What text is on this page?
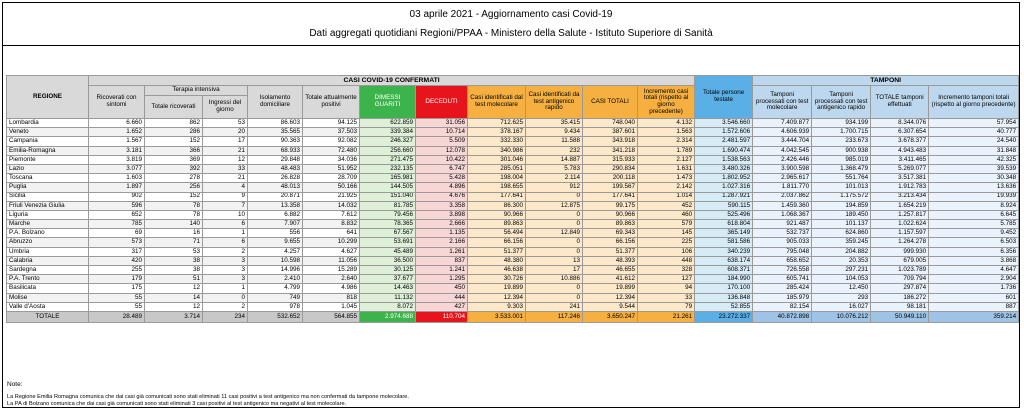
03 aprile 2021 - Aggiornamento casi Covid-19
Dati aggregati quotidiani Regioni/PPAA - Ministero della Salute - Istituto Superiore di Sanità
REGIONE	CASI COVID-19 CONFERMATI											Totale persone testate	TAMPONI			
	Ricoverati con sintomi	Terapia intensiva		Isolamento domiciliare	Totale attualmente positivi	DIMESSI GUARITI	DECEDUTI	Casi identificati dal test molecolare	Casi identificati da test antigenico rapido	CASI TOTALI	Incremento casi totali (rispetto al giorno precedente)		Tamponi processati con test molecolare	Tamponi processati con test antigenico rapido	TOTALE tamponi effettuati	Incremento tamponi totali (rispetto al giorno precedente)
		Totale ricoverati	Ingressi del giorno													
Lombardia	6.660	862	53	86.603	94.125	622.859	31.056	712.625	35.415	748.040	4.132	3.546.660	7.409.877	934.199	8.344.076	57.954
Veneto	1.652	286	20	35.565	37.503	339.384	10.714	378.167	9.434	387.601	1.563	1.572.606	4.606.939	1.700.715	6.307.654	40.777
Campania	1.567	152	17	90.363	92.082	246.327	5.509	332.330	11.588	343.918	2.314	2.481.597	3.444.704	233.673	3.678.377	24.540
Emilia-Romagna	3.181	366	21	68.933	72.480	256.660	12.078	340.986	232	341.218	1.789	1.690.474	4.042.545	900.938	4.943.483	31.848
Piemonte	3.819	369	12	29.848	34.036	271.475	10.422	301.046	14.887	315.933	2.127	1.538.563	2.426.446	985.019	3.411.465	42.325
Lazio	3.077	392	33	48.483	51.952	232.135	6.747	285.051	5.783	290.834	1.631	3.480.326	3.900.598	1.368.479	5.269.077	39.539
Toscana	1.603	278	21	26.828	28.709	165.981	5.428	198.004	2.114	200.118	1.473	1.802.952	2.965.617	551.764	3.517.381	30.348
Puglia	1.897	256	4	48.013	50.166	144.505	4.896	198.655	912	199.567	2.142	1.027.316	1.811.770	101.013	1.912.783	13.636
Sicilia	902	152	9	20.871	21.925	151.040	4.676	177.641	0	177.641	1.014	1.287.921	2.037.862	1.175.572	3.213.434	19.939
Friuli Venezia Giulia	596	78	7	13.358	14.032	81.785	3.358	86.300	12.875	99.175	452	590.115	1.459.360	194.859	1.654.219	8.924
Liguria	652	78	10	6.882	7.612	79.456	3.898	90.966	0	90.966	460	525.496	1.068.367	189.450	1.257.817	6.645
Marche	785	140	6	7.907	8.832	78.365	2.666	89.863	0	89.863	579	618.804	921.487	101.137	1.022.624	5.785
P.A. Bolzano	69	16	1	556	641	67.567	1.135	56.494	12.849	69.343	145	365.149	532.737	624.860	1.157.597	9.452
Abruzzo	573	71	6	9.655	10.299	53.691	2.166	66.156	0	66.156	225	581.586	905.033	359.245	1.264.278	6.503
Umbria	317	53	2	4.257	4.627	45.489	1.261	51.377	0	51.377	106	340.239	795.048	204.882	999.930	6.356
Calabria	420	38	3	10.598	11.056	36.500	837	48.380	13	48.393	448	638.174	658.652	20.353	679.005	3.868
Sardegna	255	38	3	14.996	15.289	30.125	1.241	46.638	17	46.655	328	608.371	726.558	297.231	1.023.789	4.647
P.A. Trento	179	51	3	2.410	2.640	37.677	1.295	30.726	10.886	41.612	127	184.990	605.741	104.053	709.794	2.904
Basilicata	175	12	1	4.799	4.986	14.463	450	19.899	0	19.899	94	170.100	285.424	12.450	297.874	1.736
Molise	55	14	0	749	818	11.132	444	12.394	0	12.394	33	136.848	185.979	293	186.272	601
Valle d'Aosta	55	12	2	978	1.045	8.072	427	9.303	241	9.544	79	52.855	82.154	16.027	98.181	887
TOTALE	28.489	3.714	234	532.652	564.855	2.974.688	110.704	3.533.001	117.246	3.650.247	21.261	23.272.337	40.872.898	10.076.212	50.949.110	359.214
Note:
La Regione Emilia Romagna comunica che dai casi già comunicati sono stati eliminati 11 casi positivi a test antigenico ma non confermati da tampone molecolare.
La PA di Bolzano comunica che dai casi già comunicati sono stati eliminati 3 casi positivi al test antigenico ma negativi al test molecolare.
